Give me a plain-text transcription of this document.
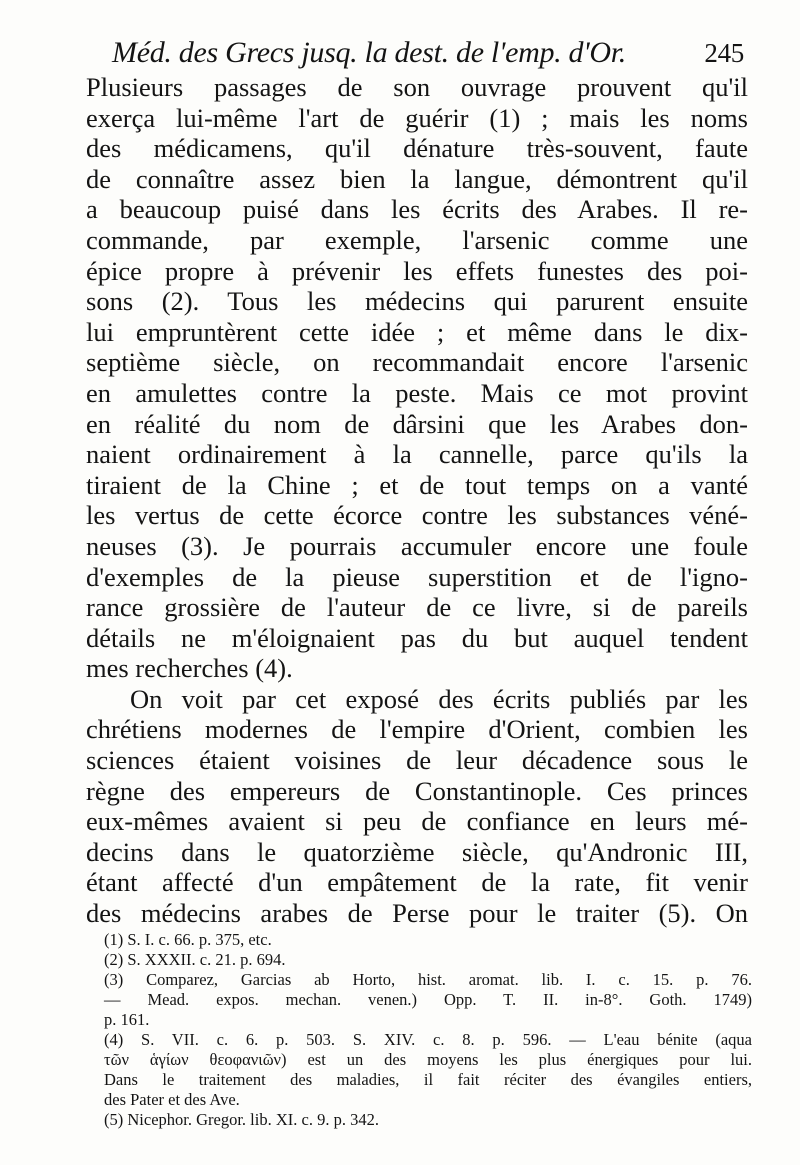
Méd. des Grecs jusq. la dest. de l'emp. d'Or.	245
Plusieurs passages de son ouvrage prouvent qu'il
exerça lui-même l'art de guérir (1) ; mais les noms
des médicamens, qu'il dénature très-souvent, faute
de connaître assez bien la langue, démontrent qu'il
a beaucoup puisé dans les écrits des Arabes. Il re-
commande, par exemple, l'arsenic comme une
épice propre à prévenir les effets funestes des poi-
sons (2). Tous les médecins qui parurent ensuite
lui empruntèrent cette idée ; et même dans le dix-
septième siècle, on recommandait encore l'arsenic
en amulettes contre la peste. Mais ce mot provint
en réalité du nom de dârsini que les Arabes don-
naient ordinairement à la cannelle, parce qu'ils la
tiraient de la Chine ; et de tout temps on a vanté
les vertus de cette écorce contre les substances véné-
neuses (3). Je pourrais accumuler encore une foule
d'exemples de la pieuse superstition et de l'igno-
rance grossière de l'auteur de ce livre, si de pareils
détails ne m'éloignaient pas du but auquel tendent
mes recherches (4).
On voit par cet exposé des écrits publiés par les
chrétiens modernes de l'empire d'Orient, combien les
sciences étaient voisines de leur décadence sous le
règne des empereurs de Constantinople. Ces princes
eux-mêmes avaient si peu de confiance en leurs mé-
decins dans le quatorzième siècle, qu'Andronic III,
étant affecté d'un empâtement de la rate, fit venir
des médecins arabes de Perse pour le traiter (5). On
(1) S. I. c. 66. p. 375, etc.
(2) S. XXXII. c. 21. p. 694.
(3) Comparez, Garcias ab Horto, hist. aromat. lib. I. c. 15. p. 76.
— Mead. expos. mechan. venen.) Opp. T. II. in-8°. Goth. 1749)
p. 161.
(4) S. VII. c. 6. p. 503. S. XIV. c. 8. p. 596. — L'eau bénite (aqua
τῶν ἁγίων θεοφανιῶν) est un des moyens les plus énergiques pour lui.
Dans le traitement des maladies, il fait réciter des évangiles entiers,
des Pater et des Ave.
(5) Nicephor. Gregor. lib. XI. c. 9. p. 342.
